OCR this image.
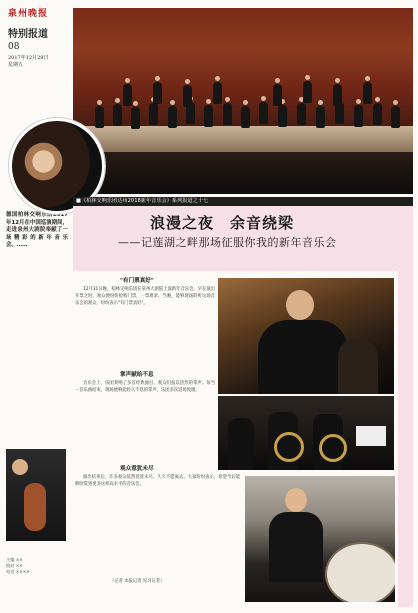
泉州晚报
特别报道
08
2017年12月29日
星期五
德国柏林交响乐团2017年12月在中国巡演期间，走进泉州大剧院奉献了一场精彩的新年音乐会。……
主编 ××
校对 ××
电话 ××××
■《柏林交响乐团达州2018新年音乐会》系列报道之十七
浪漫之夜　余音绕梁
——记莲湖之畔那场征服你我的新年音乐会
"有门票真好"
12月31日晚，柏林交响乐团在泉州大剧院上演新年音乐会。早在演出开票之时，观众便纷纷抢购门票，一票难求。当晚，能够现场聆听这场音乐会的观众，纷纷表示"有门票真好"。
掌声献给不息
音乐会上，乐团奏响了多首经典曲目，观众们报以热烈的掌声。每当一首乐曲结束，现场便响起经久不息的掌声，乐团多次返场致谢。
观众意犹未尽
演出结束后，许多观众依然意犹未尽，久久不愿离去。大家纷纷表示，希望今后能够欣赏到更多这样高水平的音乐会。
（记者 本报记者 见习记者）
